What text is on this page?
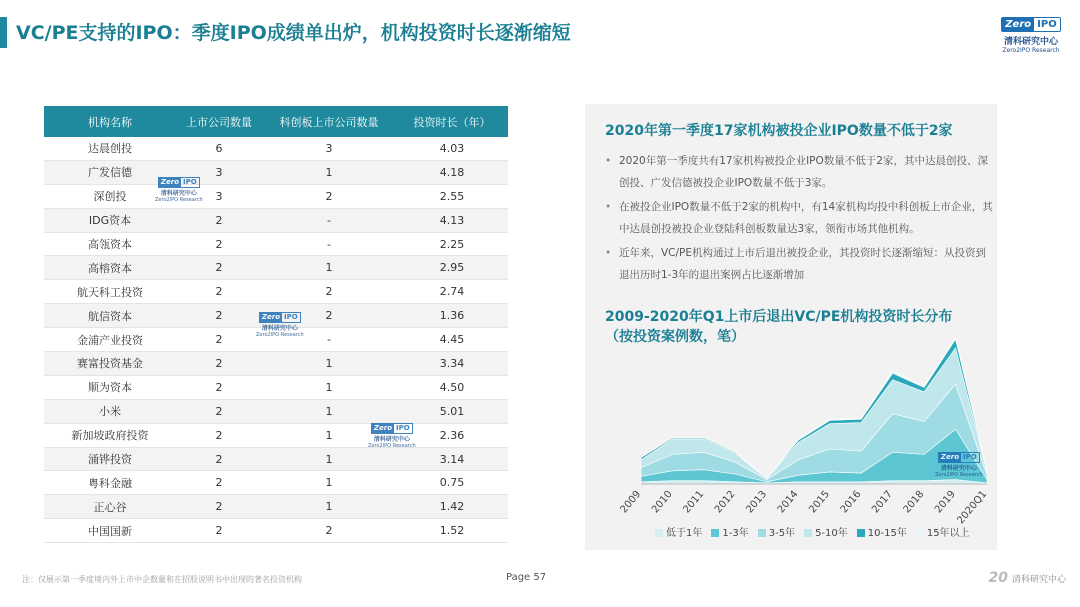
VC/PE支持的IPO：季度IPO成绩单出炉，机构投资时长逐渐缩短	Zero IPO
清科研究中心
Zero2IPO Research
机构名称	上市公司数量	科创板上市公司数量	投资时长（年）
达晨创投	6	3	4.03
广发信德	3	1	4.18
深创投	3	2	2.55
IDG资本	2	-	4.13
高瓴资本	2	-	2.25
高榕资本	2	1	2.95
航天科工投资	2	2	2.74
航信资本	2	2	1.36
金浦产业投资	2	-	4.45
赛富投资基金	2	1	3.34
顺为资本	2	1	4.50
小米	2	1	5.01
新加坡政府投资	2	1	2.36
涌铧投资	2	1	3.14
粤科金融	2	1	0.75
正心谷	2	1	1.42
中国国新	2	2	1.52
Zero IPO
清科研究中心
Zero2IPO Research
Zero IPO
清科研究中心
Zero2IPO Research
Zero IPO
清科研究中心
Zero2IPO Research
2020年第一季度17家机构被投企业IPO数量不低于2家
• 2020年第一季度共有17家机构被投企业IPO数量不低于2家，其中达晨创投、深创投、广发信德被投企业IPO数量不低于3家。
• 在被投企业IPO数量不低于2家的机构中，有14家机构均投中科创板上市企业，其中达晨创投被投企业登陆科创板数量达3家，领衔市场其他机构。
• 近年来，VC/PE机构通过上市后退出被投企业，其投资时长逐渐缩短：从投资到退出历时1-3年的退出案例占比逐渐增加
2009-2020年Q1上市后退出VC/PE机构投资时长分布
（按投资案例数，笔）
2009 2010 2011 2012 2013 2014 2015 2016 2017 2018 2019
2020Q1
低于1年	1-3年	3-5年	5-10年	10-15年	15年以上
Zero IPO
清科研究中心
Zero2IPO Research
注：仅展示第一季度境内外上市中企数量和在招股说明书中出现的著名投资机构	Page 57	20 清科研究中心
